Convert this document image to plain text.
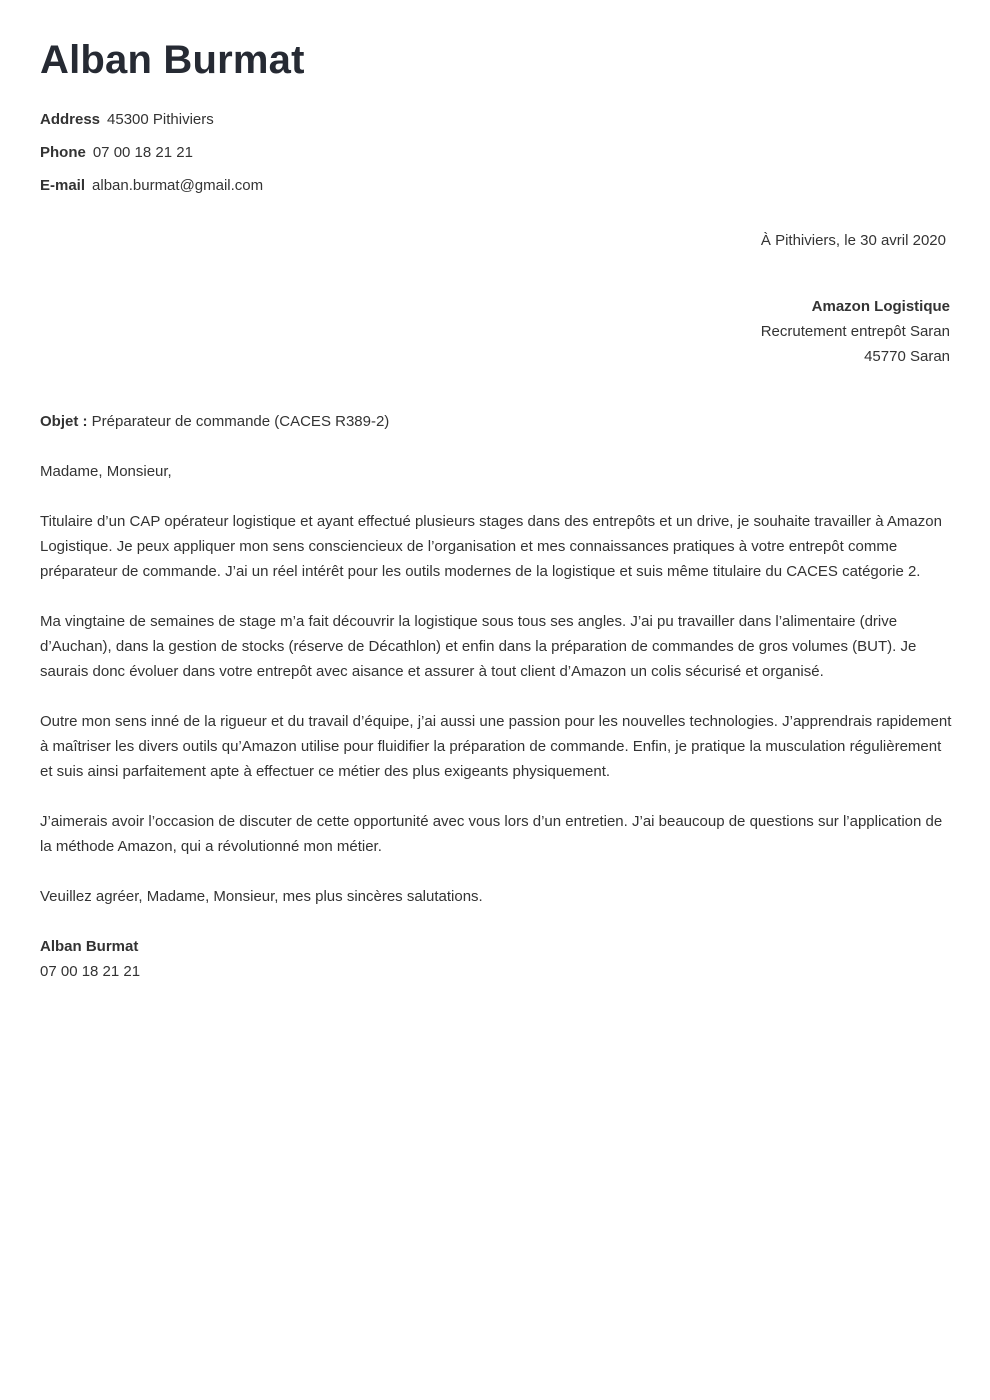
Alban Burmat
Address 45300 Pithiviers
Phone 07 00 18 21 21
E-mail alban.burmat@gmail.com
À Pithiviers, le 30 avril 2020
Amazon Logistique
Recrutement entrepôt Saran
45770 Saran

Objet : Préparateur de commande (CACES R389-2)

Madame, Monsieur,

Titulaire d’un CAP opérateur logistique et ayant effectué plusieurs stages dans des entrepôts et un drive, je souhaite travailler à Amazon Logistique. Je peux appliquer mon sens consciencieux de l’organisation et mes connaissances pratiques à votre entrepôt comme préparateur de commande. J’ai un réel intérêt pour les outils modernes de la logistique et suis même titulaire du CACES catégorie 2.

Ma vingtaine de semaines de stage m’a fait découvrir la logistique sous tous ses angles. J’ai pu travailler dans l’alimentaire (drive d’Auchan), dans la gestion de stocks (réserve de Décathlon) et enfin dans la préparation de commandes de gros volumes (BUT). Je saurais donc évoluer dans votre entrepôt avec aisance et assurer à tout client d’Amazon un colis sécurisé et organisé.

Outre mon sens inné de la rigueur et du travail d’équipe, j’ai aussi une passion pour les nouvelles technologies. J’apprendrais rapidement à maîtriser les divers outils qu’Amazon utilise pour fluidifier la préparation de commande. Enfin, je pratique la musculation régulièrement et suis ainsi parfaitement apte à effectuer ce métier des plus exigeants physiquement.

J’aimerais avoir l’occasion de discuter de cette opportunité avec vous lors d’un entretien. J’ai beaucoup de questions sur l’application de la méthode Amazon, qui a révolutionné mon métier.

Veuillez agréer, Madame, Monsieur, mes plus sincères salutations.

Alban Burmat
07 00 18 21 21
